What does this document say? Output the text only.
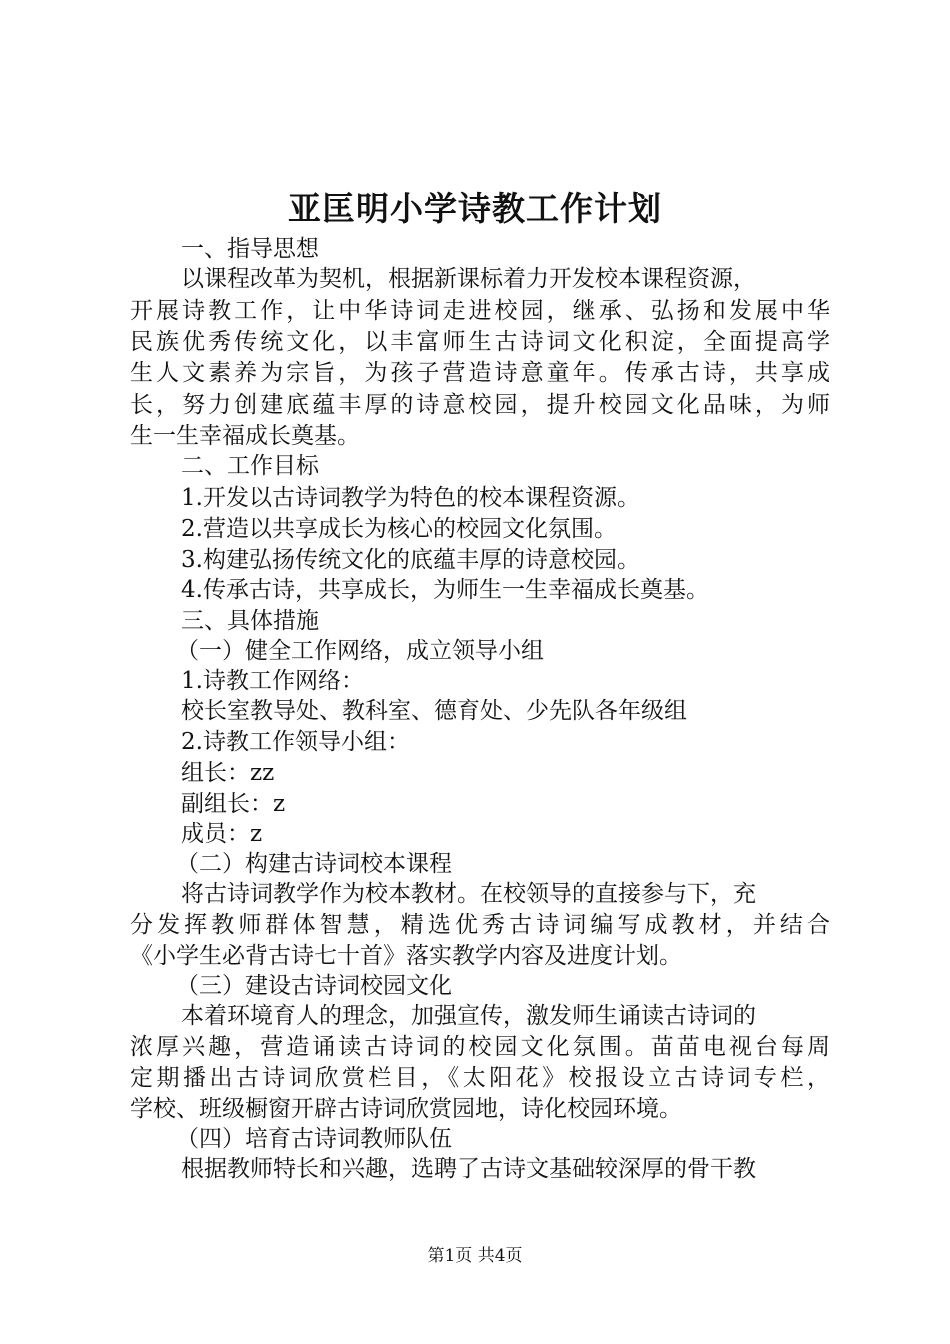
亚匡明小学诗教工作计划
一、指导思想
以课程改革为契机，根据新课标着力开发校本课程资源，
开展诗教工作，让中华诗词走进校园，继承、弘扬和发展中华
民族优秀传统文化，以丰富师生古诗词文化积淀，全面提高学
生人文素养为宗旨，为孩子营造诗意童年。传承古诗，共享成
长，努力创建底蕴丰厚的诗意校园，提升校园文化品味，为师
生一生幸福成长奠基。
二、工作目标
1.开发以古诗词教学为特色的校本课程资源。
2.营造以共享成长为核心的校园文化氛围。
3.构建弘扬传统文化的底蕴丰厚的诗意校园。
4.传承古诗，共享成长，为师生一生幸福成长奠基。
三、具体措施
（一）健全工作网络，成立领导小组
1.诗教工作网络：
校长室教导处、教科室、德育处、少先队各年级组
2.诗教工作领导小组：
组长：zz
副组长：z
成员：z
（二）构建古诗词校本课程
将古诗词教学作为校本教材。在校领导的直接参与下，充
分发挥教师群体智慧，精选优秀古诗词编写成教材，并结合
《小学生必背古诗七十首》落实教学内容及进度计划。
（三）建设古诗词校园文化
本着环境育人的理念，加强宣传，激发师生诵读古诗词的
浓厚兴趣，营造诵读古诗词的校园文化氛围。苗苗电视台每周
定期播出古诗词欣赏栏目，《太阳花》校报设立古诗词专栏，
学校、班级橱窗开辟古诗词欣赏园地，诗化校园环境。
（四）培育古诗词教师队伍
根据教师特长和兴趣，选聘了古诗文基础较深厚的骨干教
第1页 共4页
